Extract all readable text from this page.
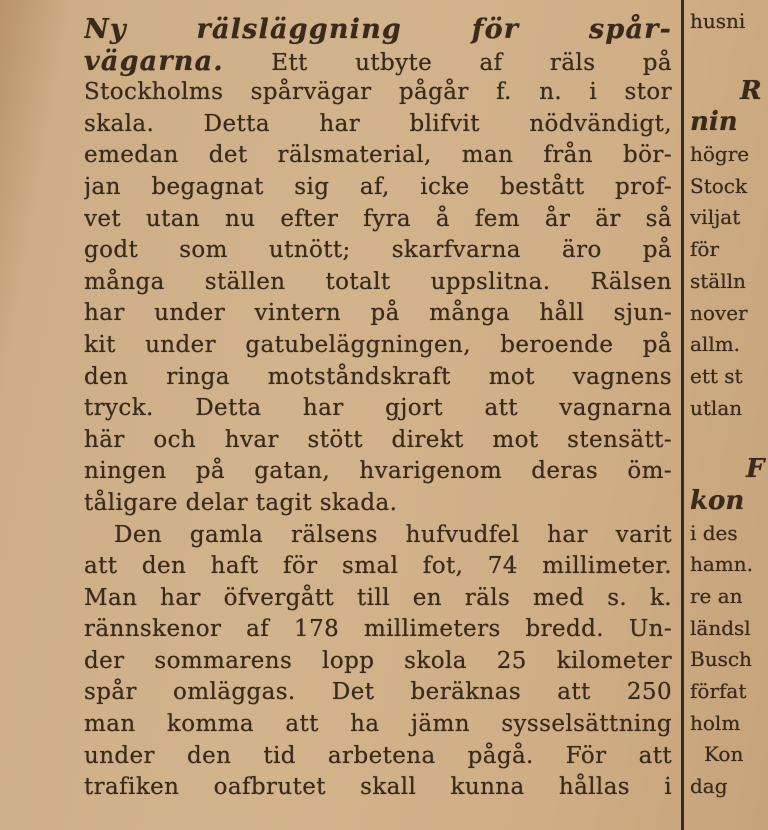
Ny rälsläggning för spår-
vägarna. Ett utbyte af räls på
Stockholms spårvägar pågår f. n. i stor
skala. Detta har blifvit nödvändigt,
emedan det rälsmaterial, man från bör-
jan begagnat sig af, icke bestått prof-
vet utan nu efter fyra å fem år är så
godt som utnött; skarfvarna äro på
många ställen totalt uppslitna. Rälsen
har under vintern på många håll sjun-
kit under gatubeläggningen, beroende på
den ringa motståndskraft mot vagnens
tryck. Detta har gjort att vagnarna
här och hvar stött direkt mot stensätt-
ningen på gatan, hvarigenom deras öm-
tåligare delar tagit skada.
Den gamla rälsens hufvudfel har varit
att den haft för smal fot, 74 millimeter.
Man har öfvergått till en räls med s. k.
rännskenor af 178 millimeters bredd. Un-
der sommarens lopp skola 25 kilometer
spår omläggas. Det beräknas att 250
man komma att ha jämn sysselsättning
under den tid arbetena pågå. För att
trafiken oafbrutet skall kunna hållas i
husni
R
nin
högre
Stock
viljat
för
ställn
nover
allm.
ett st
utlan
F
kon
i des
hamn.
re an
ländsl
Busch
förfat
holm
Kon
dag
